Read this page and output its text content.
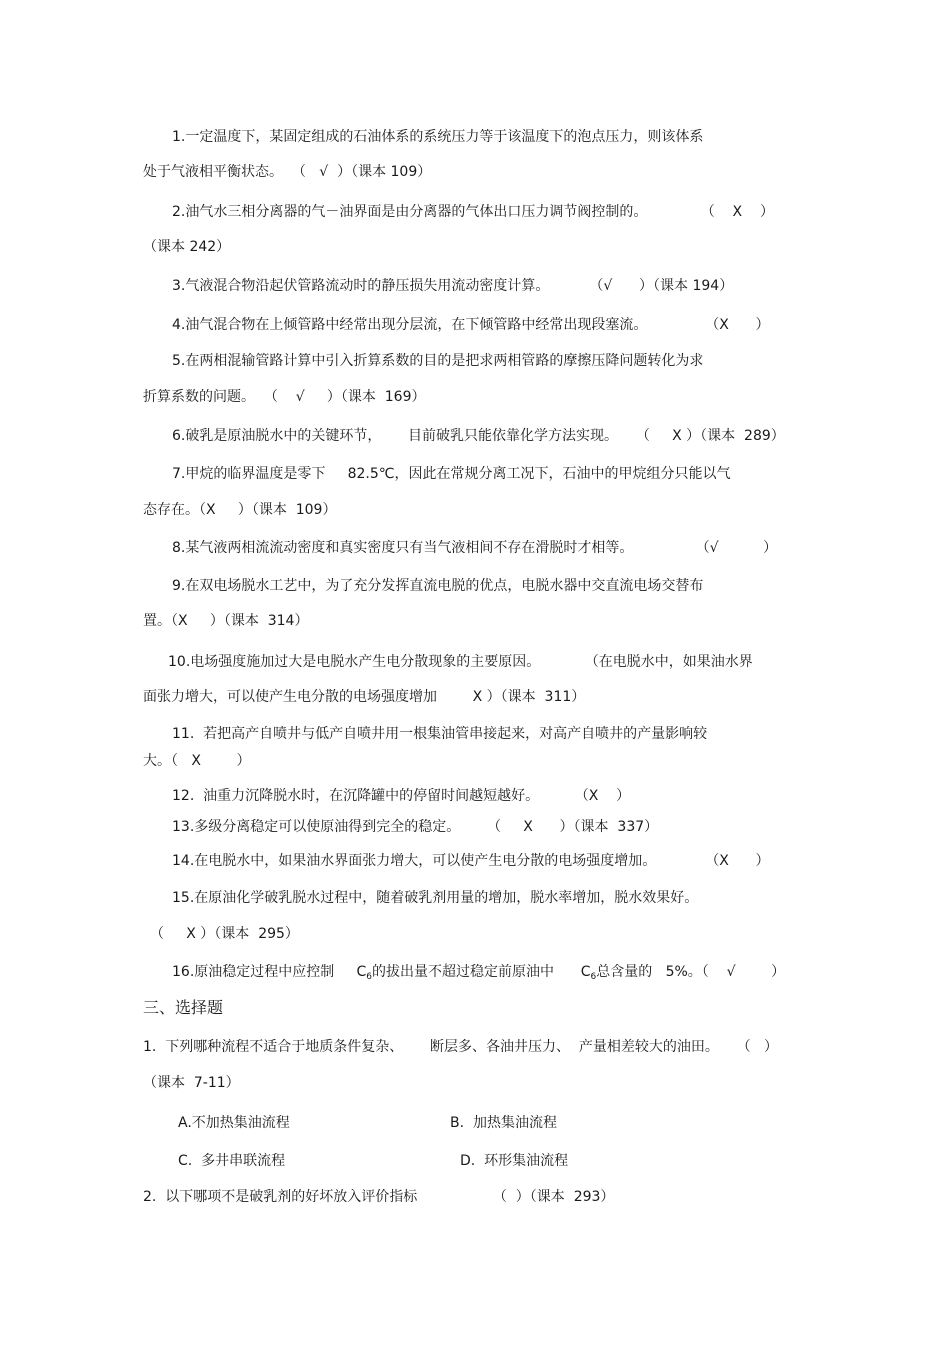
1.一定温度下，某固定组成的石油体系的系统压力等于该温度下的泡点压力，则该体系
处于气液相平衡状态。  （   √  ）（课本 109）
2.油气水三相分离器的气－油界面是由分离器的气体出口压力调节阀控制的。            （    X    ）
（课本 242）
3.气液混合物沿起伏管路流动时的静压损失用流动密度计算。         （√      ）（课本 194）
4.油气混合物在上倾管路中经常出现分层流，在下倾管路中经常出现段塞流。             （X      ）
5.在两相混输管路计算中引入折算系数的目的是把求两相管路的摩擦压降问题转化为求
折算系数的问题。  （    √     ）（课本  169）
6.破乳是原油脱水中的关键环节，      目前破乳只能依靠化学方法实现。    （     X ）（课本  289）
7.甲烷的临界温度是零下     82.5℃，因此在常规分离工况下，石油中的甲烷组分只能以气
态存在。（X     ）（课本  109）
8.某气液两相流流动密度和真实密度只有当气液相间不存在滑脱时才相等。              （√          ）
9.在双电场脱水工艺中，为了充分发挥直流电脱的优点，电脱水器中交直流电场交替布
置。（X     ）（课本  314）
10.电场强度施加过大是电脱水产生电分散现象的主要原因。          （在电脱水中，如果油水界
面张力增大，可以使产生电分散的电场强度增加        X ）（课本  311）
11.  若把高产自喷井与低产自喷井用一根集油管串接起来，对高产自喷井的产量影响较
大。（   X        ）
12.  油重力沉降脱水时，在沉降罐中的停留时间越短越好。        （X    ）
13.多级分离稳定可以使原油得到完全的稳定。      （     X      ）（课本  337）
14.在电脱水中，如果油水界面张力增大，可以使产生电分散的电场强度增加。           （X      ）
15.在原油化学破乳脱水过程中，随着破乳剂用量的增加，脱水率增加，脱水效果好。
（     X ）（课本  295）
16.原油稳定过程中应控制     $C_6$的拔出量不超过稳定前原油中      $C_6$总含量的   5%。（    √        ）
三、选择题
1.  下列哪种流程不适合于地质条件复杂、      断层多、各油井压力、  产量相差较大的油田。    （   ）
（课本  7-11）
A.不加热集油流程	B.  加热集油流程
C.  多井串联流程	D.  环形集油流程
2.  以下哪项不是破乳剂的好坏放入评价指标                 （  ）（课本  293）
